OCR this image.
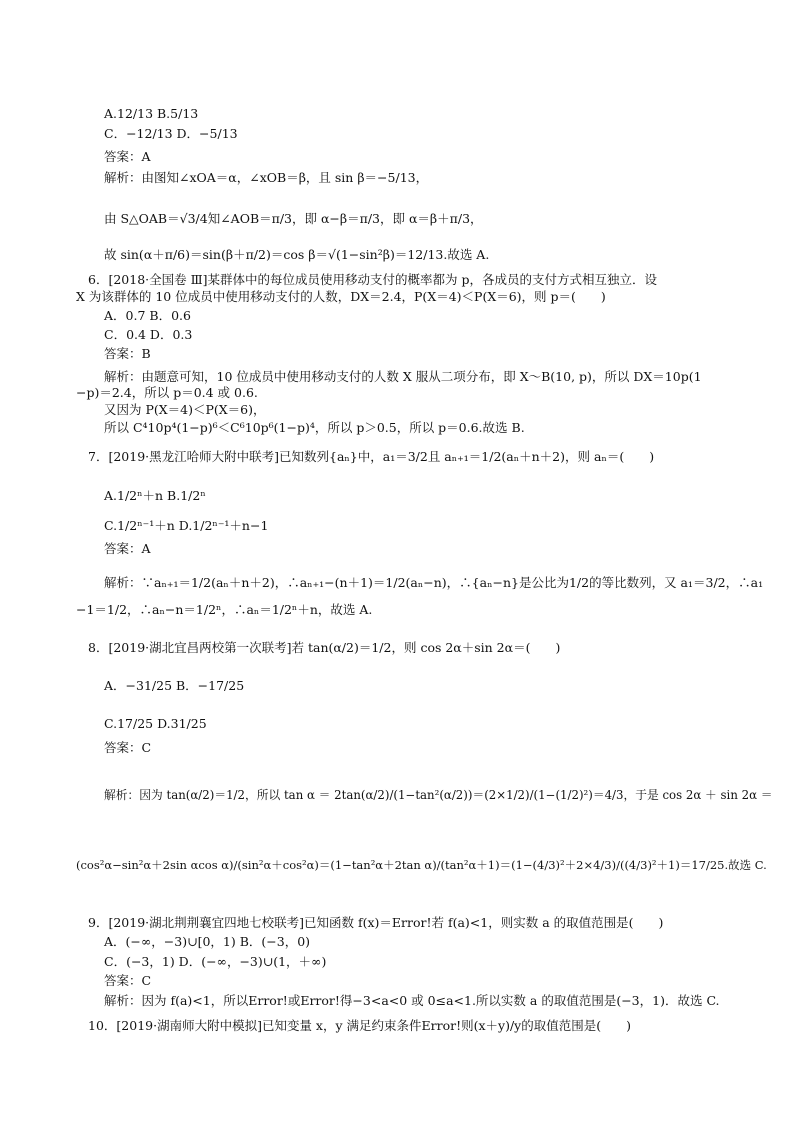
A.12/13 B.5/13
C．−12/13 D．−5/13
答案：A
解析：由图知∠xOA＝α，∠xOB＝β，且 sin β＝−5/13，
由 S△OAB＝√3/4知∠AOB＝π/3，即 α−β＝π/3，即 α＝β＋π/3，
故 sin(α＋π/6)＝sin(β＋π/2)＝cos β＝√(1−sin²β)＝12/13.故选 A.
6．[2018·全国卷 Ⅲ]某群体中的每位成员使用移动支付的概率都为 p，各成员的支付方式相互独立．设
X 为该群体的 10 位成员中使用移动支付的人数，DX＝2.4，P(X＝4)＜P(X＝6)，则 p＝(　　)
A．0.7 B．0.6
C．0.4 D．0.3
答案：B
解析：由题意可知，10 位成员中使用移动支付的人数 X 服从二项分布，即 X～B(10, p)，所以 DX＝10p(1
−p)＝2.4，所以 p＝0.4 或 0.6.
又因为 P(X＝4)＜P(X＝6)，
所以 C⁴10p⁴(1−p)⁶＜C⁶10p⁶(1−p)⁴，所以 p＞0.5，所以 p＝0.6.故选 B.
7．[2019·黑龙江哈师大附中联考]已知数列{aₙ}中，a₁＝3/2且 aₙ₊₁＝1/2(aₙ＋n＋2)，则 aₙ＝(　　)
A.1/2ⁿ＋n B.1/2ⁿ
C.1/2ⁿ⁻¹＋n D.1/2ⁿ⁻¹＋n−1
答案：A
解析：∵aₙ₊₁＝1/2(aₙ＋n＋2)，∴aₙ₊₁−(n＋1)＝1/2(aₙ−n)，∴{aₙ−n}是公比为1/2的等比数列，又 a₁＝3/2，∴a₁
−1＝1/2，∴aₙ−n＝1/2ⁿ，∴aₙ＝1/2ⁿ＋n，故选 A.
8．[2019·湖北宜昌两校第一次联考]若 tan(α/2)＝1/2，则 cos 2α＋sin 2α＝(　　)
A．−31/25 B．−17/25
C.17/25 D.31/25
答案：C
解析：因为 tan(α/2)＝1/2，所以 tan α ＝ 2tan(α/2)/(1−tan²(α/2))＝(2×1/2)/(1−(1/2)²)＝4/3，于是 cos 2α ＋ sin 2α ＝
(cos²α−sin²α＋2sin αcos α)/(sin²α＋cos²α)＝(1−tan²α＋2tan α)/(tan²α＋1)＝(1−(4/3)²＋2×4/3)/((4/3)²＋1)＝17/25.故选 C.
9．[2019·湖北荆荆襄宜四地七校联考]已知函数 f(x)＝Error!若 f(a)<1，则实数 a 的取值范围是(　　)
A．(−∞，−3)∪[0，1) B．(−3，0)
C．(−3，1) D．(−∞，−3)∪(1，＋∞)
答案：C
解析：因为 f(a)<1，所以Error!或Error!得−3<a<0 或 0≤a<1.所以实数 a 的取值范围是(−3，1)．故选 C.
10．[2019·湖南师大附中模拟]已知变量 x，y 满足约束条件Error!则(x＋y)/y的取值范围是(　　)
